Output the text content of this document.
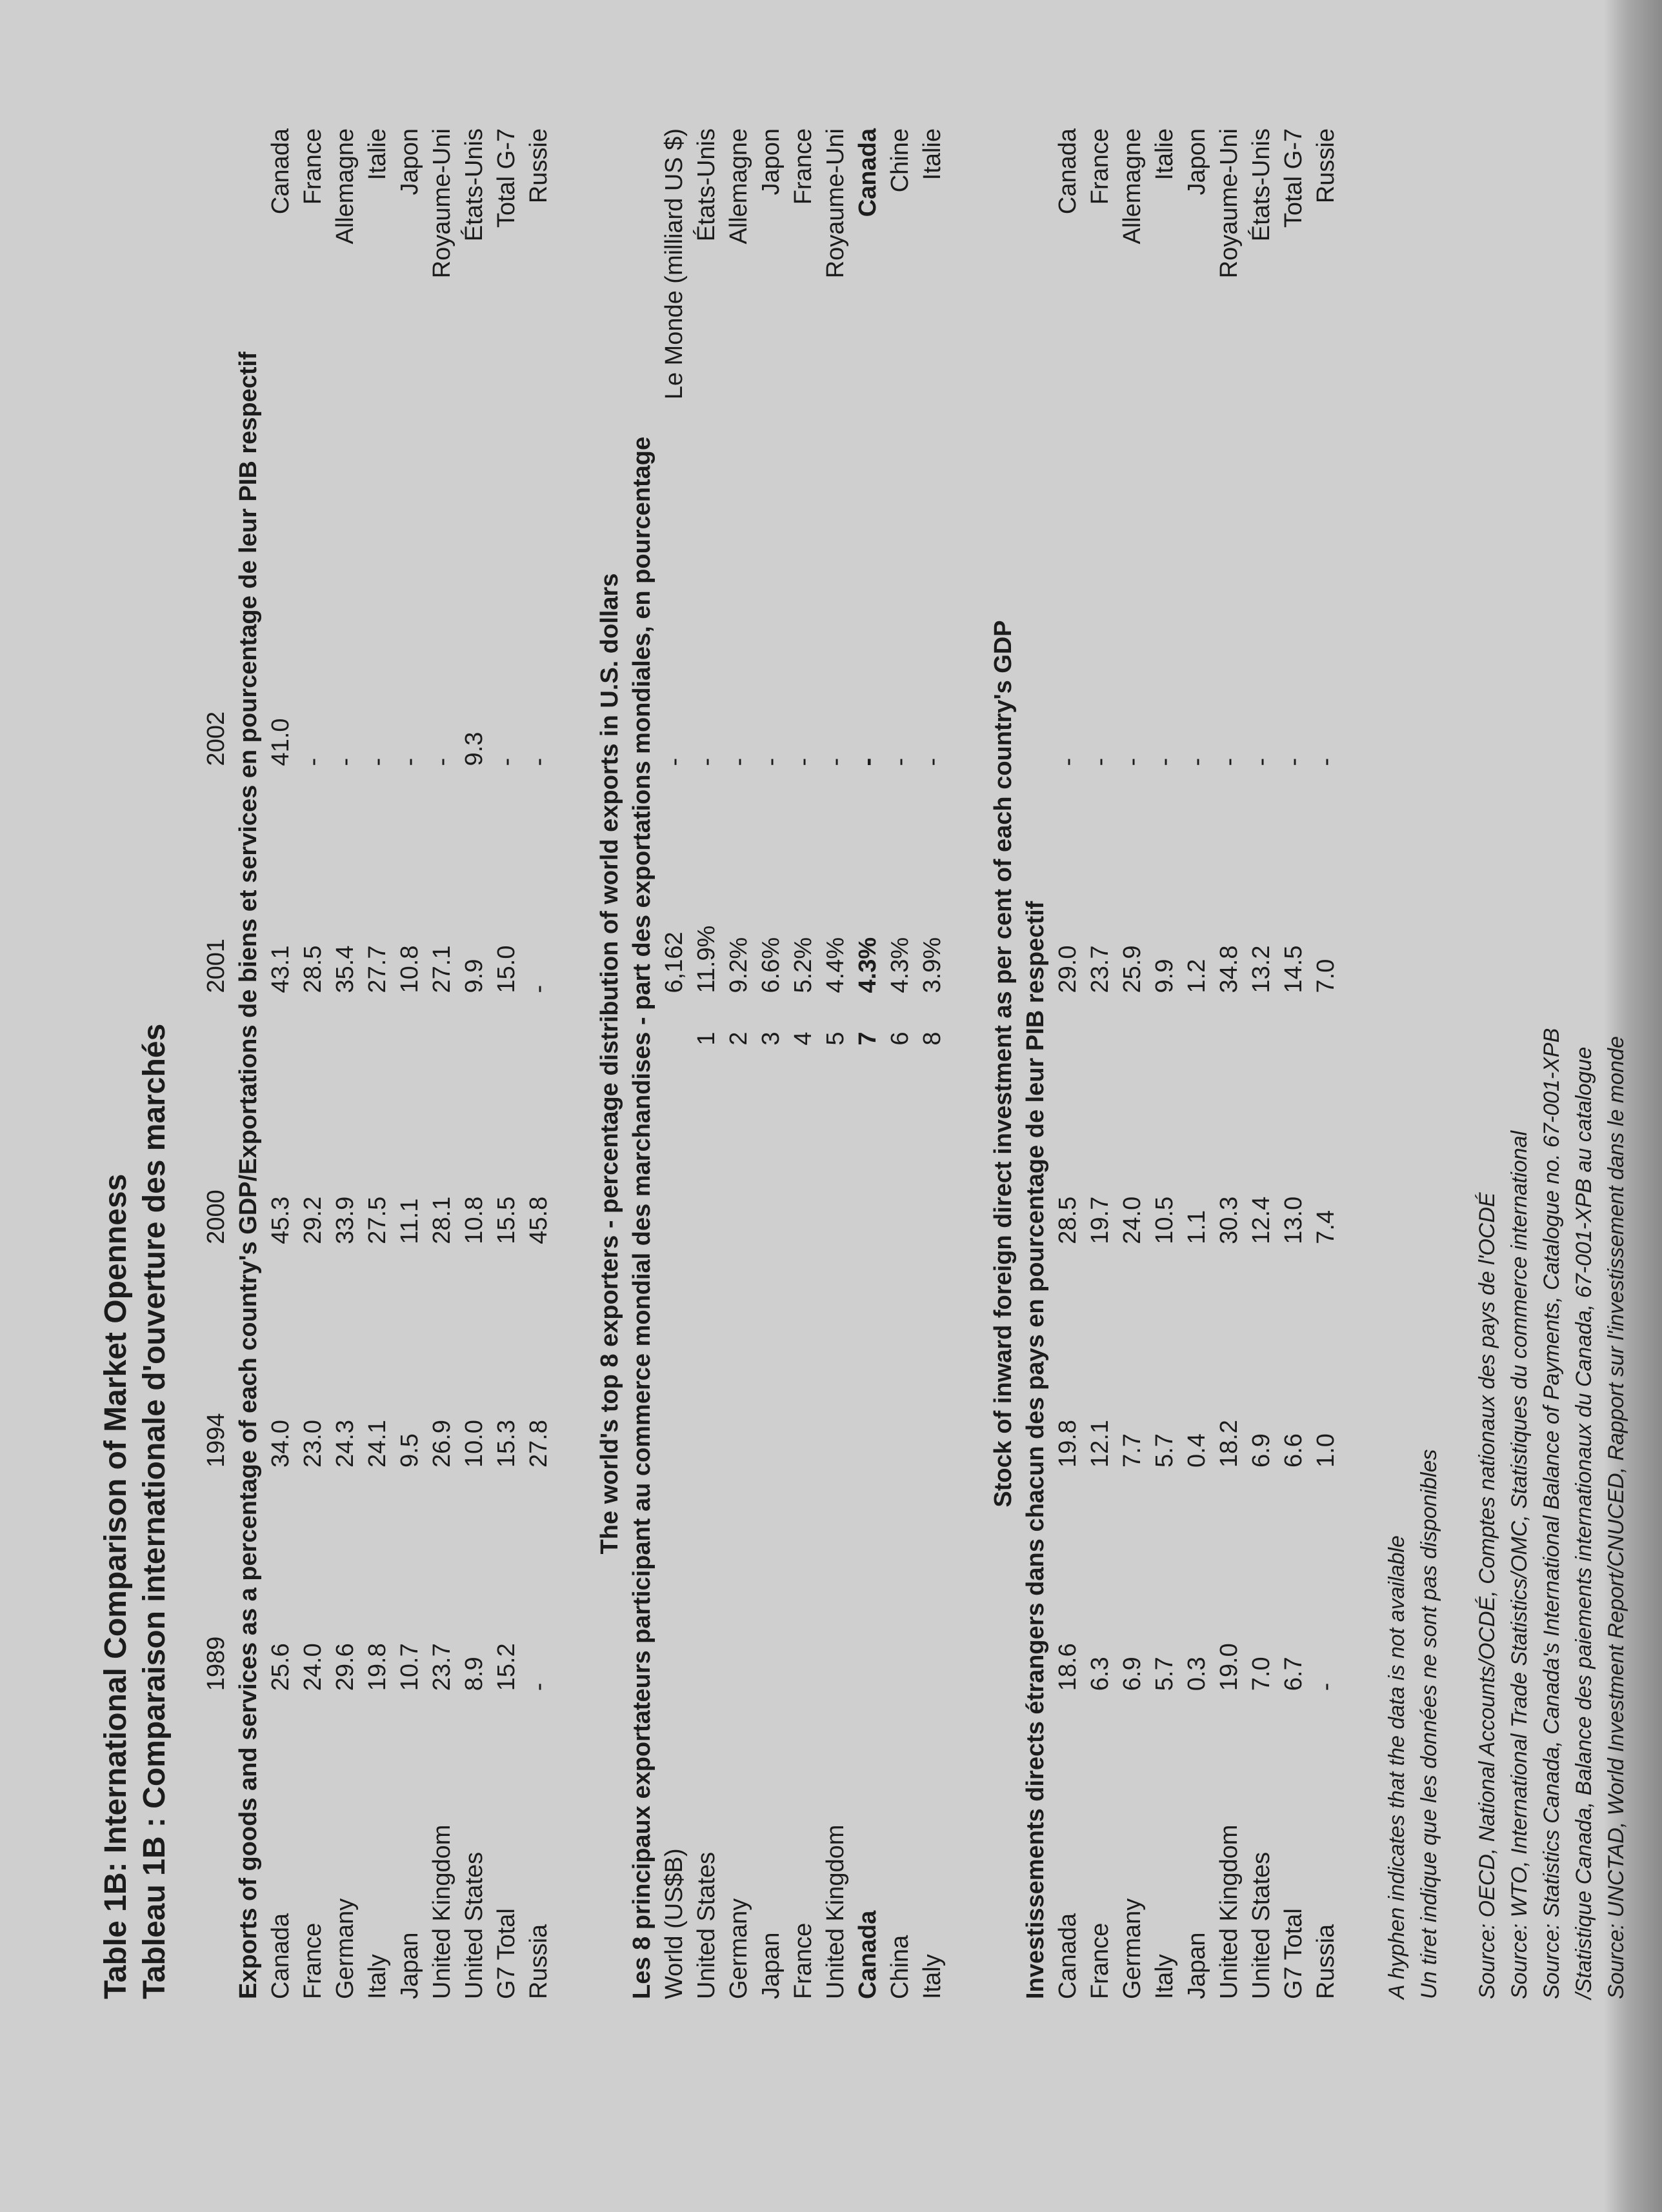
Table 1B: International Comparison of Market Openness Tableau 1B : Comparaison internationale d'ouverture des marchés
	1989	1994	2000	2001	2002	
Exports of goods and services as a percentage of each country's GDP/Exportations de biens et services en pourcentage de leur PIB respectif						
Canada	25.6	34.0	45.3	43.1	41.0	Canada
France	24.0	23.0	29.2	28.5	-	France
Germany	29.6	24.3	33.9	35.4	-	Allemagne
Italy	19.8	24.1	27.5	27.7	-	Italie
Japan	10.7	9.5	11.1	10.8	-	Japon
United Kingdom	23.7	26.9	28.1	27.1	-	Royaume-Uni
United States	8.9	10.0	10.8	9.9	9.3	États-Unis
G7 Total	15.2	15.3	15.5	15.0	-	Total G-7
Russia	-	27.8	45.8	-	-	Russie

The world's top 8 exporters - percentage distribution of world exports in U.S. dollars						
Les 8 principaux exportateurs participant au commerce mondial des marchandises - part des exportations mondiales, en pourcentage						
World (US$B)				6,162	-	Le Monde (milliard US $)
United States			1	11.9%	-	États-Unis
Germany			2	9.2%	-	Allemagne
Japan			3	6.6%	-	Japon
France			4	5.2%	-	France
United Kingdom			5	4.4%	-	Royaume-Uni
Canada			7	4.3%	-	Canada
China			6	4.3%	-	Chine
Italy			8	3.9%	-	Italie

Stock of inward foreign direct investment as per cent of each country's GDP						
Investissements directs étrangers dans chacun des pays en pourcentage de leur PIB respectif						
Canada	18.6	19.8	28.5	29.0	-	Canada
France	6.3	12.1	19.7	23.7	-	France
Germany	6.9	7.7	24.0	25.9	-	Allemagne
Italy	5.7	5.7	10.5	9.9	-	Italie
Japan	0.3	0.4	1.1	1.2	-	Japon
United Kingdom	19.0	18.2	30.3	34.8	-	Royaume-Uni
United States	7.0	6.9	12.4	13.2	-	États-Unis
G7 Total	6.7	6.6	13.0	14.5	-	Total G-7
Russia	-	1.0	7.4	7.0	-	Russie
A hyphen indicates that the data is not available Un tiret indique que les données ne sont pas disponibles Source: OECD, National Accounts/OCDÉ, Comptes nationaux des pays de l'OCDÉ Source: WTO, International Trade Statistics/OMC, Statistiques du commerce international Source: Statistics Canada, Canada's International Balance of Payments, Catalogue no. 67-001-XPB /Statistique Canada, Balance des paiements internationaux du Canada, 67-001-XPB au catalogue Source: UNCTAD, World Investment Report/CNUCED, Rapport sur l'investissement dans le monde
